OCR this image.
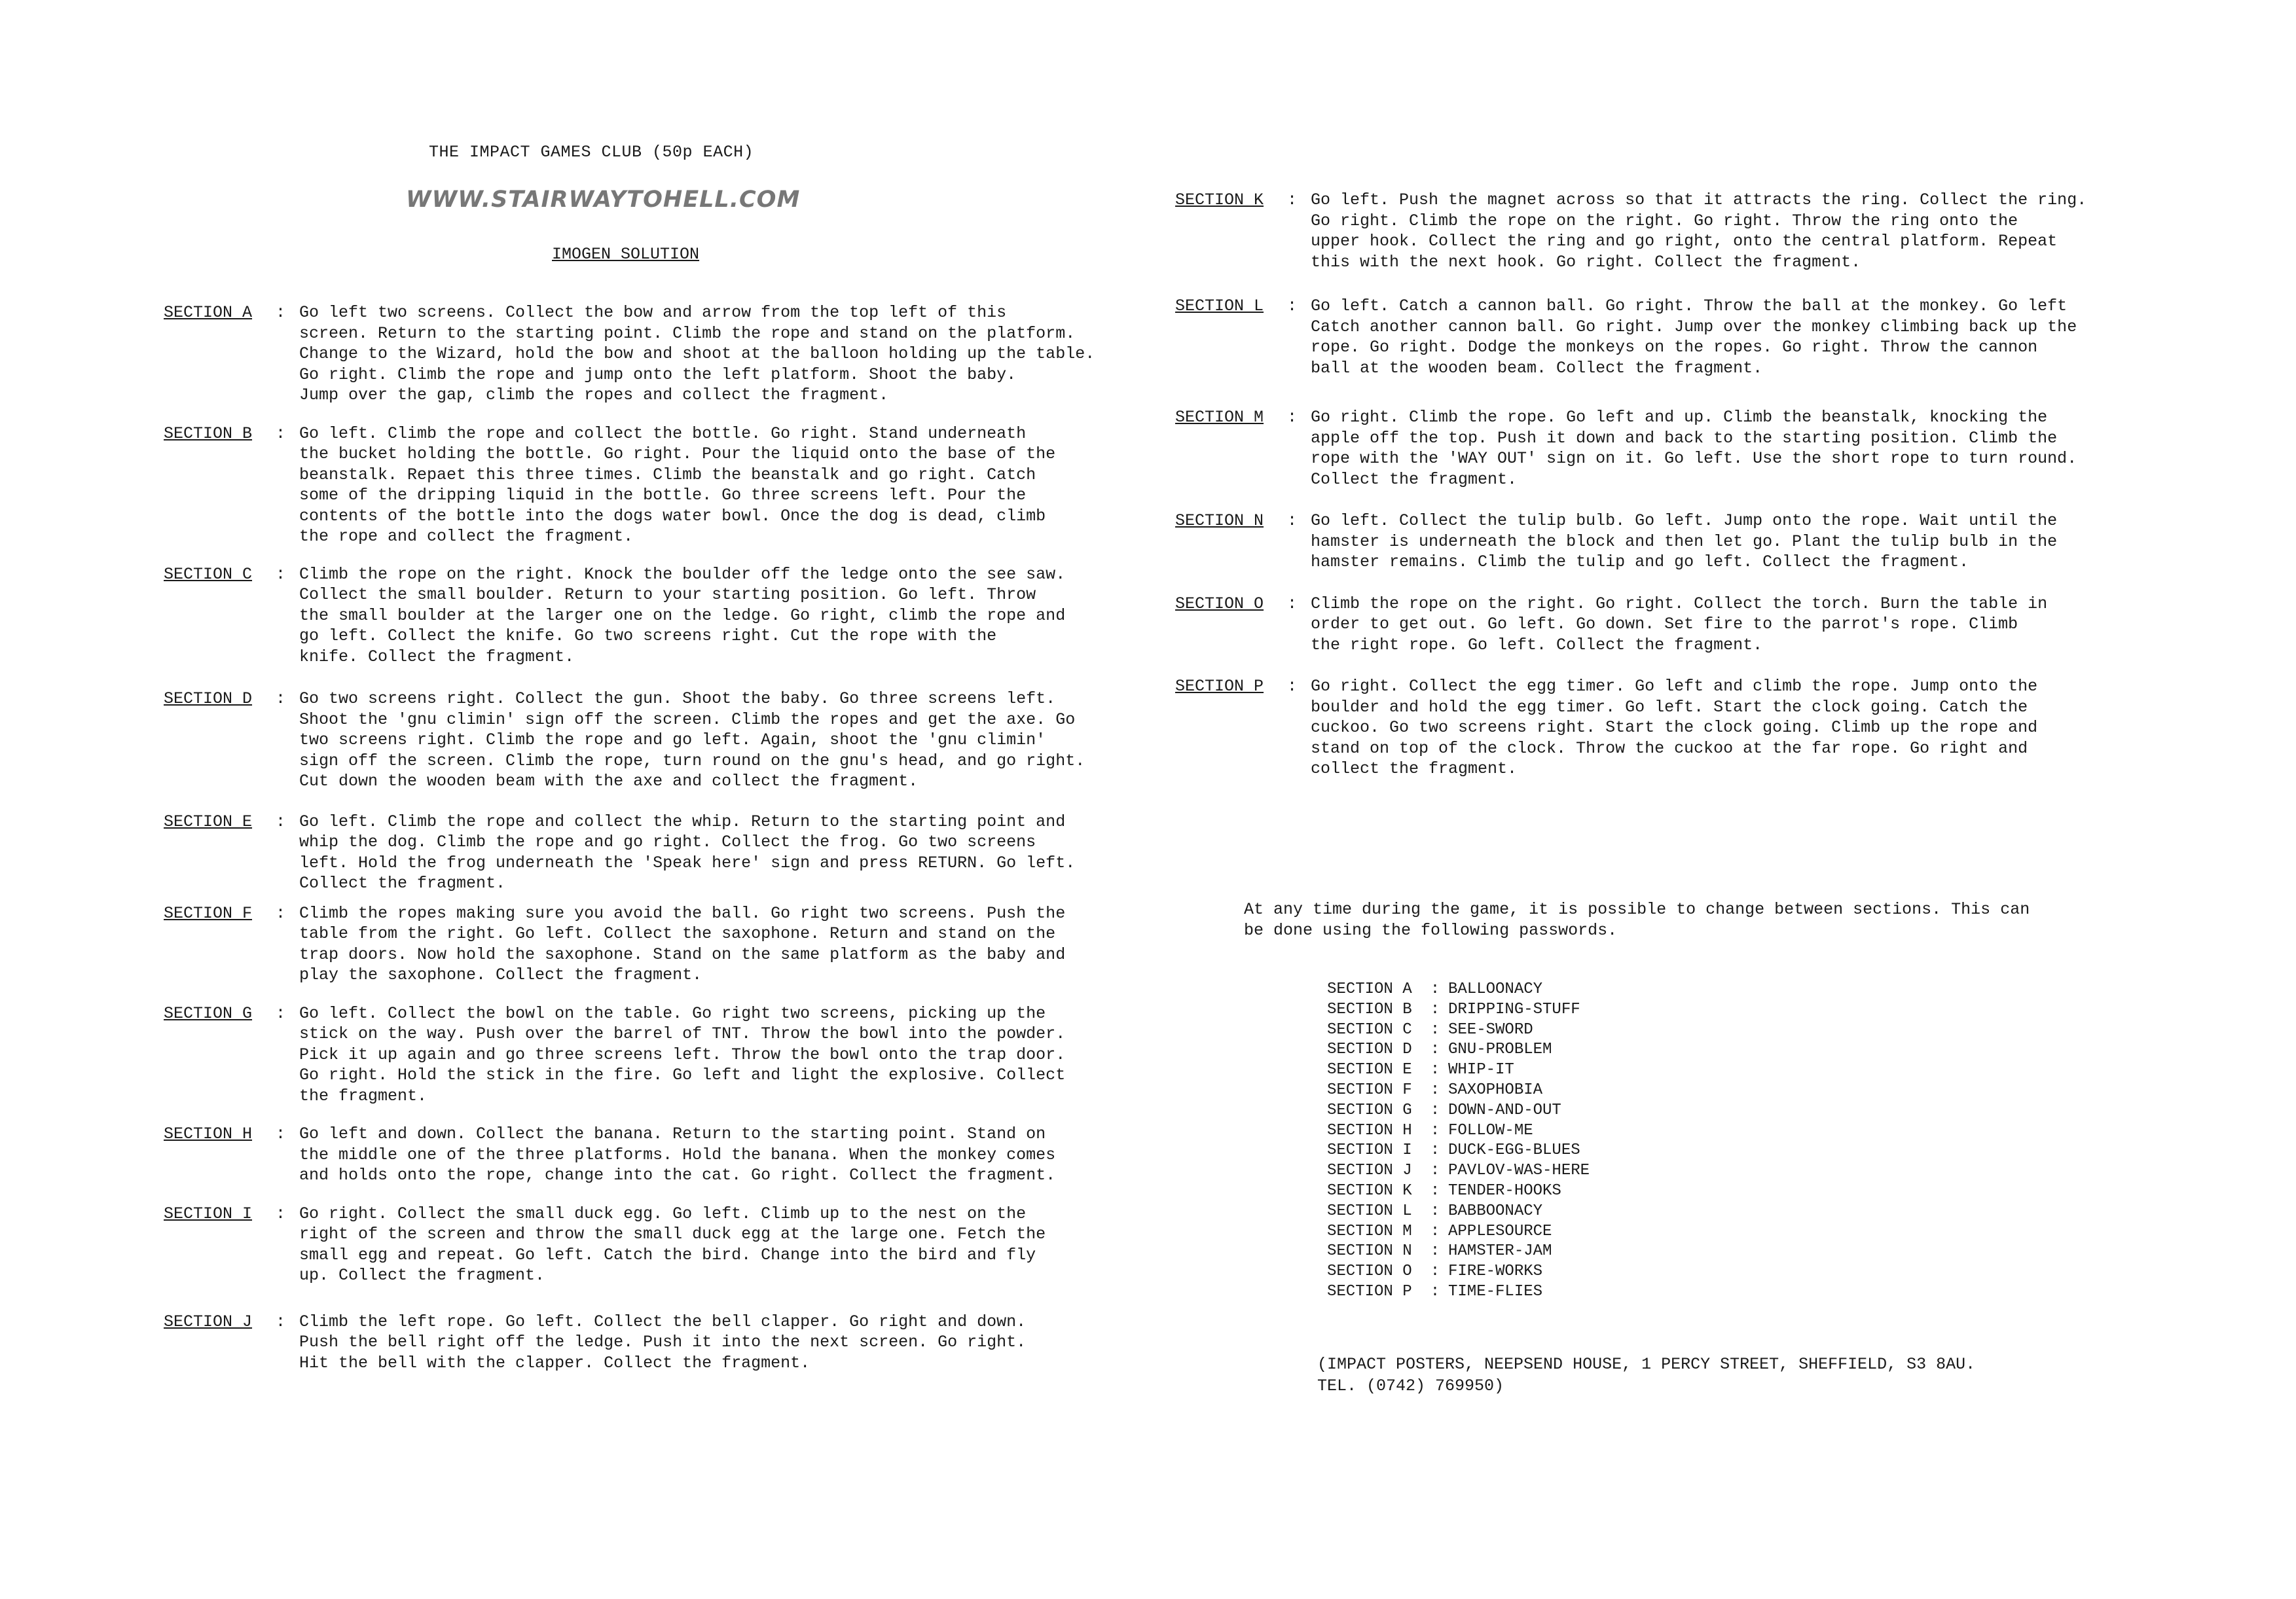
THE IMPACT GAMES CLUB (50p EACH)
WWW.STAIRWAYTOHELL.COM
IMOGEN SOLUTION
SECTION A	: Go left two screens. Collect the bow and arrow from the top left of this
screen. Return to the starting point. Climb the rope and stand on the platform.
Change to the Wizard, hold the bow and shoot at the balloon holding up the table.
Go right. Climb the rope and jump onto the left platform. Shoot the baby.
Jump over the gap, climb the ropes and collect the fragment.
SECTION B	: Go left. Climb the rope and collect the bottle. Go right. Stand underneath
the bucket holding the bottle. Go right. Pour the liquid onto the base of the
beanstalk. Repaet this three times. Climb the beanstalk and go right. Catch
some of the dripping liquid in the bottle. Go three screens left. Pour the
contents of the bottle into the dogs water bowl. Once the dog is dead, climb
the rope and collect the fragment.
SECTION C	: Climb the rope on the right. Knock the boulder off the ledge onto the see saw.
Collect the small boulder. Return to your starting position. Go left. Throw
the small boulder at the larger one on the ledge. Go right, climb the rope and
go left. Collect the knife. Go two screens right. Cut the rope with the
knife. Collect the fragment.
SECTION D	: Go two screens right. Collect the gun. Shoot the baby. Go three screens left.
Shoot the 'gnu climin' sign off the screen. Climb the ropes and get the axe. Go
two screens right. Climb the rope and go left. Again, shoot the 'gnu climin'
sign off the screen. Climb the rope, turn round on the gnu's head, and go right.
Cut down the wooden beam with the axe and collect the fragment.
SECTION E	: Go left. Climb the rope and collect the whip. Return to the starting point and
whip the dog. Climb the rope and go right. Collect the frog. Go two screens
left. Hold the frog underneath the 'Speak here' sign and press RETURN. Go left.
Collect the fragment.
SECTION F	: Climb the ropes making sure you avoid the ball. Go right two screens. Push the
table from the right. Go left. Collect the saxophone. Return and stand on the
trap doors. Now hold the saxophone. Stand on the same platform as the baby and
play the saxophone. Collect the fragment.
SECTION G	: Go left. Collect the bowl on the table. Go right two screens, picking up the
stick on the way. Push over the barrel of TNT. Throw the bowl into the powder.
Pick it up again and go three screens left. Throw the bowl onto the trap door.
Go right. Hold the stick in the fire. Go left and light the explosive. Collect
the fragment.
SECTION H	: Go left and down. Collect the banana. Return to the starting point. Stand on
the middle one of the three platforms. Hold the banana. When the monkey comes
and holds onto the rope, change into the cat. Go right. Collect the fragment.
SECTION I	: Go right. Collect the small duck egg. Go left. Climb up to the nest on the
right of the screen and throw the small duck egg at the large one. Fetch the
small egg and repeat. Go left. Catch the bird. Change into the bird and fly
up. Collect the fragment.
SECTION J	: Climb the left rope. Go left. Collect the bell clapper. Go right and down.
Push the bell right off the ledge. Push it into the next screen. Go right.
Hit the bell with the clapper. Collect the fragment.
SECTION K	: Go left. Push the magnet across so that it attracts the ring. Collect the ring.
Go right. Climb the rope on the right. Go right. Throw the ring onto the
upper hook. Collect the ring and go right, onto the central platform. Repeat
this with the next hook. Go right. Collect the fragment.
SECTION L	: Go left. Catch a cannon ball. Go right. Throw the ball at the monkey. Go left
Catch another cannon ball. Go right. Jump over the monkey climbing back up the
rope. Go right. Dodge the monkeys on the ropes. Go right. Throw the cannon
ball at the wooden beam. Collect the fragment.
SECTION M	: Go right. Climb the rope. Go left and up. Climb the beanstalk, knocking the
apple off the top. Push it down and back to the starting position. Climb the
rope with the 'WAY OUT' sign on it. Go left. Use the short rope to turn round.
Collect the fragment.
SECTION N	: Go left. Collect the tulip bulb. Go left. Jump onto the rope. Wait until the
hamster is underneath the block and then let go. Plant the tulip bulb in the
hamster remains. Climb the tulip and go left. Collect the fragment.
SECTION O	: Climb the rope on the right. Go right. Collect the torch. Burn the table in
order to get out. Go left. Go down. Set fire to the parrot's rope. Climb
the right rope. Go left. Collect the fragment.
SECTION P	: Go right. Collect the egg timer. Go left and climb the rope. Jump onto the
boulder and hold the egg timer. Go left. Start the clock going. Catch the
cuckoo. Go two screens right. Start the clock going. Climb up the rope and
stand on top of the clock. Throw the cuckoo at the far rope. Go right and
collect the fragment.
At any time during the game, it is possible to change between sections. This can
be done using the following passwords.
SECTION A	: BALLOONACY
SECTION B	: DRIPPING-STUFF
SECTION C	: SEE-SWORD
SECTION D	: GNU-PROBLEM
SECTION E	: WHIP-IT
SECTION F	: SAXOPHOBIA
SECTION G	: DOWN-AND-OUT
SECTION H	: FOLLOW-ME
SECTION I	: DUCK-EGG-BLUES
SECTION J	: PAVLOV-WAS-HERE
SECTION K	: TENDER-HOOKS
SECTION L	: BABBOONACY
SECTION M	: APPLESOURCE
SECTION N	: HAMSTER-JAM
SECTION O	: FIRE-WORKS
SECTION P	: TIME-FLIES
(IMPACT POSTERS, NEEPSEND HOUSE, 1 PERCY STREET, SHEFFIELD, S3 8AU.
TEL. (0742) 769950)
